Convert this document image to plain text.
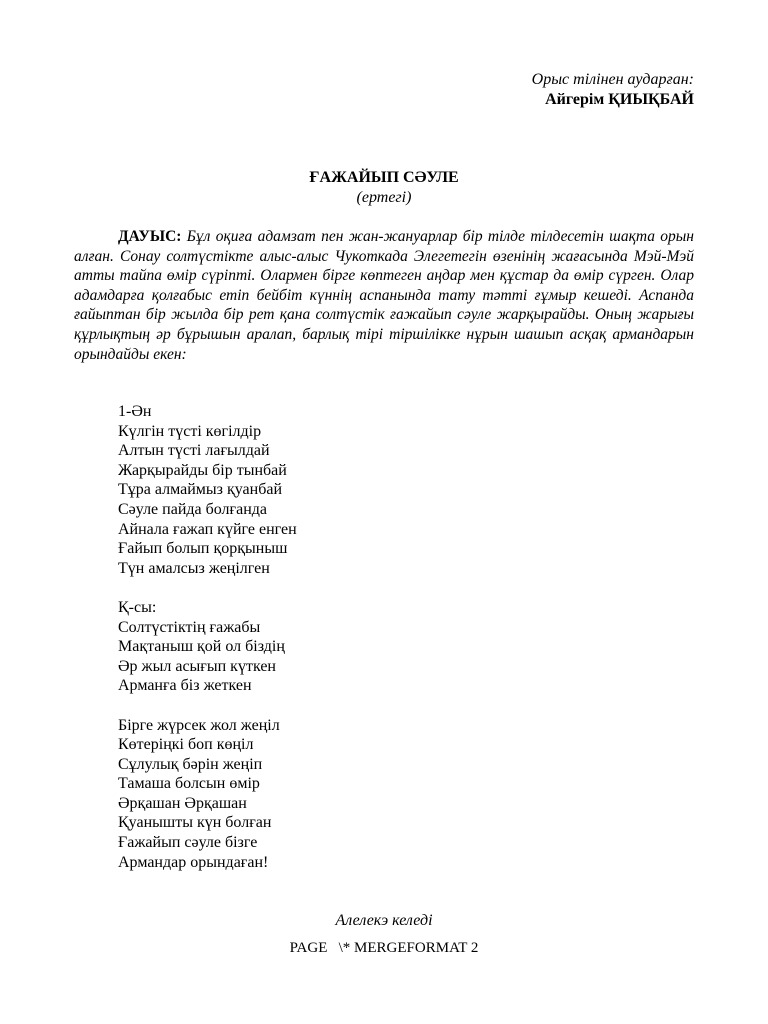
Орыс тілінен аударған:
Айгерім ҚИЫҚБАЙ
ҒАЖАЙЫП СӘУЛЕ
(ертегі)

ДАУЫС: Бұл оқиға адамзат пен жан-жануарлар бір тілде тілдесетін шақта орын алған. Сонау солтүстікте алыс-алыс Чукоткада Элегетегін өзенінің жағасында Мэй-Мэй атты тайпа өмір сүріпті. Олармен бірге көптеген аңдар мен құстар да өмір сүрген. Олар адамдарға қолғабыс етіп бейбіт күннің аспанында тату тәтті ғұмыр кешеді. Аспанда ғайыптан бір жылда бір рет қана солтүстік ғажайып сәуле жарқырайды. Оның жарығы құрлықтың әр бұрышын аралап, барлық тірі тіршілікке нұрын шашып асқақ армандарын орындайды екен:

1-Ән
Күлгін түсті көгілдір
Алтын түсті лағылдай
Жарқырайды бір тынбай
Тұра алмаймыз қуанбай
Сәуле пайда болғанда
Айнала ғажап күйге енген
Ғайып болып қорқыныш
Түн амалсыз жеңілген
Қ-сы:
Солтүстіктің ғажабы
Мақтаныш қой ол біздің
Әр жыл асығып күткен
Арманға біз жеткен
Бірге жүрсек жол жеңіл
Көтеріңкі боп көңіл
Сұлулық бәрін жеңіп
Тамаша болсын өмір
Әрқашан Әрқашан
Қуанышты күн болған
Ғажайып сәуле бізге
Армандар орындаған!
Алелекэ келеді
PAGE   \* MERGEFORMAT 2
